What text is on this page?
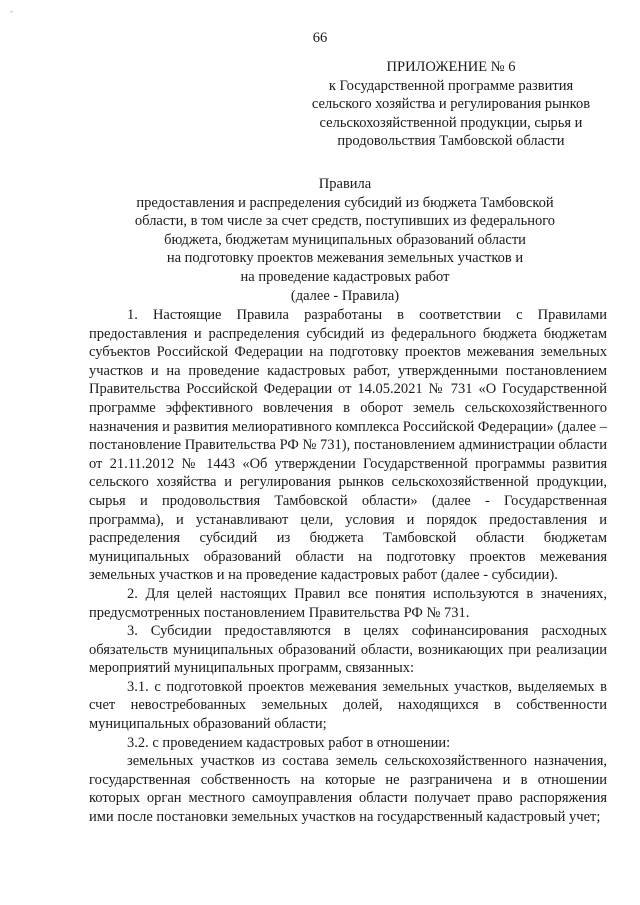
-
66
ПРИЛОЖЕНИЕ № 6
к Государственной программе развития
сельского хозяйства и регулирования рынков
сельскохозяйственной продукции, сырья и
продовольствия Тамбовской области
Правила
предоставления и распределения субсидий из бюджета Тамбовской
области, в том числе за счет средств, поступивших из федерального
бюджета, бюджетам муниципальных образований области
на подготовку проектов межевания земельных участков и
на проведение кадастровых работ
(далее - Правила)

1. Настоящие Правила разработаны в соответствии с Правилами предоставления и распределения субсидий из федерального бюджета бюджетам субъектов Российской Федерации на подготовку проектов межевания земельных участков и на проведение кадастровых работ, утвержденными постановлением Правительства Российской Федерации от 14.05.2021 № 731 «О Государственной программе эффективного вовлечения в оборот земель сельскохозяйственного назначения и развития мелиоративного комплекса Российской Федерации» (далее – постановление Правительства РФ № 731), постановлением администрации области от 21.11.2012 № 1443 «Об утверждении Государственной программы развития сельского хозяйства и регулирования рынков сельскохозяйственной продукции, сырья и продовольствия Тамбовской области» (далее - Государственная программа), и устанавливают цели, условия и порядок предоставления и распределения субсидий из бюджета Тамбовской области бюджетам муниципальных образований области на подготовку проектов межевания земельных участков и на проведение кадастровых работ (далее - субсидии).

2. Для целей настоящих Правил все понятия используются в значениях, предусмотренных постановлением Правительства РФ № 731.

3. Субсидии предоставляются в целях софинансирования расходных обязательств муниципальных образований области, возникающих при реализации мероприятий муниципальных программ, связанных:

3.1. с подготовкой проектов межевания земельных участков, выделяемых в счет невостребованных земельных долей, находящихся в собственности муниципальных образований области;

3.2. с проведением кадастровых работ в отношении:

земельных участков из состава земель сельскохозяйственного назначения, государственная собственность на которые не разграничена и в отношении которых орган местного самоуправления области получает право распоряжения ими после постановки земельных участков на государственный кадастровый учет;
